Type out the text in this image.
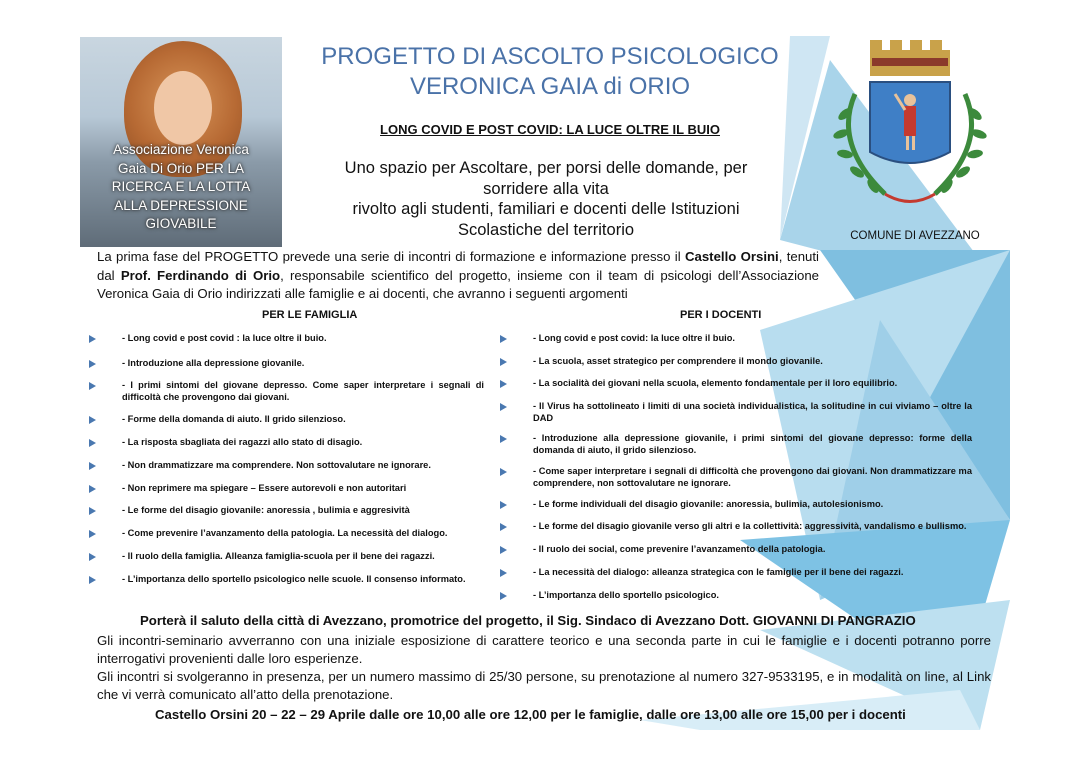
Associazione Veronica
Gaia Di Orio PER LA
RICERCA E LA LOTTA
ALLA DEPRESSIONE
GIOVABILE
PROGETTO DI ASCOLTO PSICOLOGICO
VERONICA GAIA di ORIO
LONG COVID E POST COVID: LA LUCE OLTRE IL BUIO
Uno spazio per Ascoltare, per porsi delle domande, per
sorridere alla vita
rivolto agli studenti, familiari e docenti delle Istituzioni
Scolastiche del territorio	COMUNE DI AVEZZANO

La prima fase del PROGETTO prevede una serie di incontri di formazione e informazione presso il Castello Orsini, tenuti dal Prof. Ferdinando di Orio, responsabile scientifico del progetto, insieme con il team di psicologi dell’Associazione Veronica Gaia di Orio indirizzati alle famiglie e ai docenti, che avranno i seguenti argomenti

PER LE FAMIGLIA	PER I DOCENTI
- Long covid e post covid : la luce oltre il buio.
- Introduzione alla depressione giovanile.
- I primi sintomi del giovane depresso. Come saper interpretare i segnali di difficoltà che provengono dai giovani.
- Forme della domanda di aiuto. Il grido silenzioso.
- La risposta sbagliata dei ragazzi allo stato di disagio.
- Non drammatizzare ma comprendere. Non sottovalutare ne ignorare.
- Non reprimere ma spiegare – Essere autorevoli e non autoritari
- Le forme del disagio giovanile: anoressia , bulimia e aggresività
- Come prevenire l’avanzamento della patologia. La necessità del dialogo.
- Il ruolo della famiglia. Alleanza famiglia-scuola per il bene dei ragazzi.
- L’importanza dello sportello psicologico nelle scuole. Il consenso informato.
- Long covid e post covid: la luce oltre il buio.
- La scuola, asset strategico per comprendere il mondo giovanile.
- La socialità dei giovani nella scuola, elemento fondamentale per il loro equilibrio.
- Il Virus ha sottolineato i limiti di una società individualistica, la solitudine in cui viviamo – oltre la DAD
- Introduzione alla depressione giovanile, i primi sintomi del giovane depresso: forme della domanda di aiuto, il grido silenzioso.
- Come saper interpretare i segnali di difficoltà che provengono dai giovani. Non drammatizzare ma comprendere, non sottovalutare ne ignorare.
- Le forme individuali del disagio giovanile: anoressia, bulimia, autolesionismo.
- Le forme del disagio giovanile verso gli altri e la collettività: aggressività, vandalismo e bullismo.
- Il ruolo dei social, come prevenire l’avanzamento della patologia.
- La necessità del dialogo: alleanza strategica con le famiglie per il bene dei ragazzi.
- L’importanza dello sportello psicologico.
Porterà il saluto della città di Avezzano, promotrice del progetto, il Sig. Sindaco di Avezzano Dott. GIOVANNI DI PANGRAZIO

Gli incontri-seminario avverranno con una iniziale esposizione di carattere teorico e una seconda parte in cui le famiglie e i docenti potranno porre interrogativi provenienti dalle loro esperienze.

Gli incontri si svolgeranno in presenza, per un numero massimo di 25/30 persone, su prenotazione al numero 327-9533195, e in modalità on line, al Link che vi verrà comunicato all’atto della prenotazione.

Castello Orsini 20 – 22 – 29 Aprile dalle ore 10,00 alle ore 12,00 per le famiglie, dalle ore 13,00 alle ore 15,00 per i docenti
